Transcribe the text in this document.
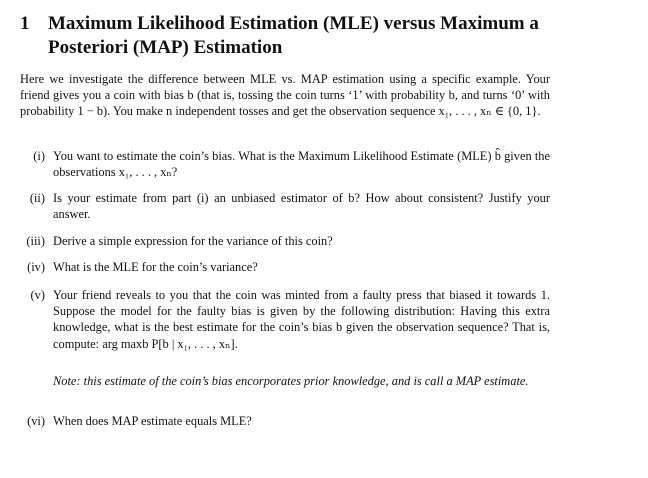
1 Maximum Likelihood Estimation (MLE) versus Maximum a Posteriori (MAP) Estimation
Here we investigate the difference between MLE vs. MAP estimation using a specific example. Your friend gives you a coin with bias b (that is, tossing the coin turns ‘1’ with probability b, and turns ‘0’ with probability 1 − b). You make n independent tosses and get the observation sequence x₁, . . . , xₙ ∈ {0, 1}.
(i) You want to estimate the coin’s bias. What is the Maximum Likelihood Estimate (MLE) b̂ given the observations x₁, . . . , xₙ?
(ii) Is your estimate from part (i) an unbiased estimator of b? How about consistent? Justify your answer.
(iii) Derive a simple expression for the variance of this coin?
(iv) What is the MLE for the coin’s variance?
(v) Your friend reveals to you that the coin was minted from a faulty press that biased it towards 1. Suppose the model for the faulty bias is given by the following distribution: Having this extra knowledge, what is the best estimate for the coin’s bias b given the observation sequence? That is, compute: arg maxb P[b | x₁, . . . , xₙ].
Note: this estimate of the coin’s bias encorporates prior knowledge, and is call a MAP estimate.
(vi) When does MAP estimate equals MLE?
